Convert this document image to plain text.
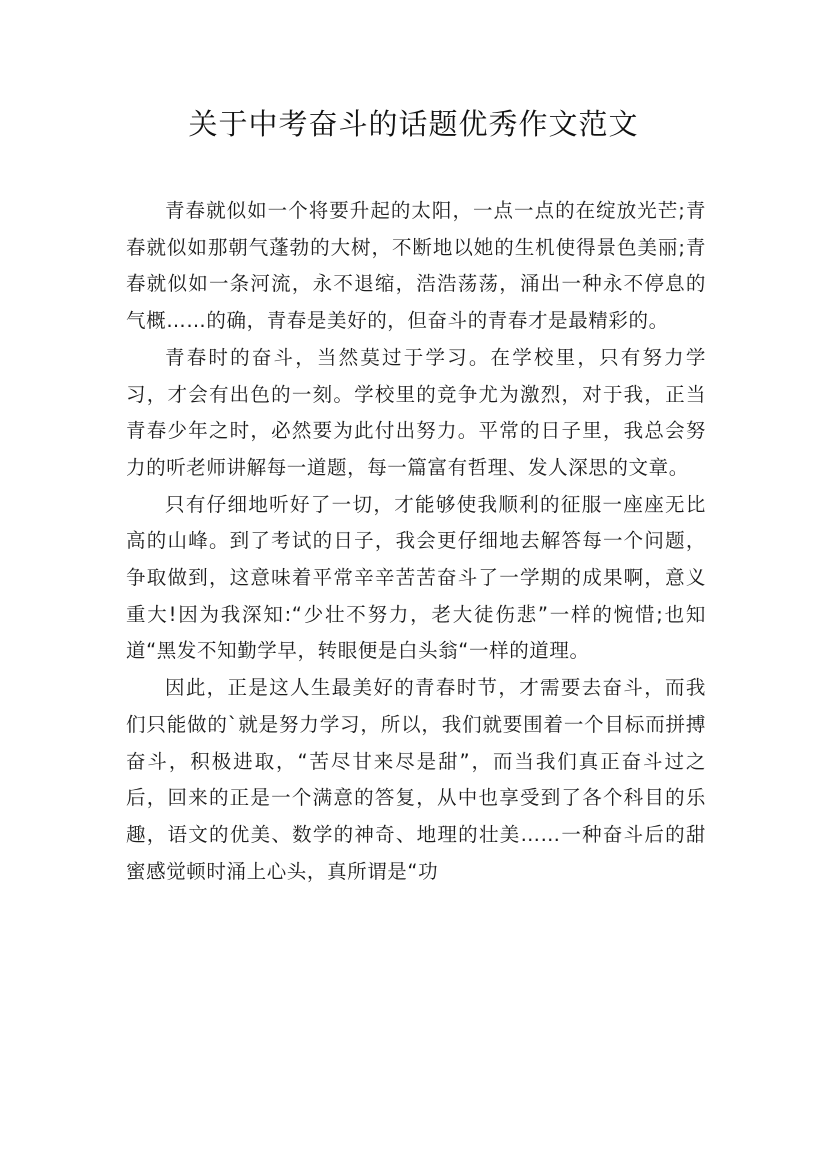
关于中考奋斗的话题优秀作文范文

青春就似如一个将要升起的太阳，一点一点的在绽放光芒;青春就似如那朝气蓬勃的大树，不断地以她的生机使得景色美丽;青春就似如一条河流，永不退缩，浩浩荡荡，涌出一种永不停息的气概……的确，青春是美好的，但奋斗的青春才是最精彩的。

青春时的奋斗，当然莫过于学习。在学校里，只有努力学习，才会有出色的一刻。学校里的竞争尤为激烈，对于我，正当青春少年之时，必然要为此付出努力。平常的日子里，我总会努力的听老师讲解每一道题，每一篇富有哲理、发人深思的文章。

只有仔细地听好了一切，才能够使我顺利的征服一座座无比高的山峰。到了考试的日子，我会更仔细地去解答每一个问题，争取做到，这意味着平常辛辛苦苦奋斗了一学期的成果啊，意义重大!因为我深知:“少壮不努力，老大徒伤悲”一样的惋惜;也知道“黑发不知勤学早，转眼便是白头翁“一样的道理。

因此，正是这人生最美好的青春时节，才需要去奋斗，而我们只能做的`就是努力学习，所以，我们就要围着一个目标而拼搏奋斗，积极进取，“苦尽甘来尽是甜”，而当我们真正奋斗过之后，回来的正是一个满意的答复，从中也享受到了各个科目的乐趣，语文的优美、数学的神奇、地理的壮美……一种奋斗后的甜蜜感觉顿时涌上心头，真所谓是“功
